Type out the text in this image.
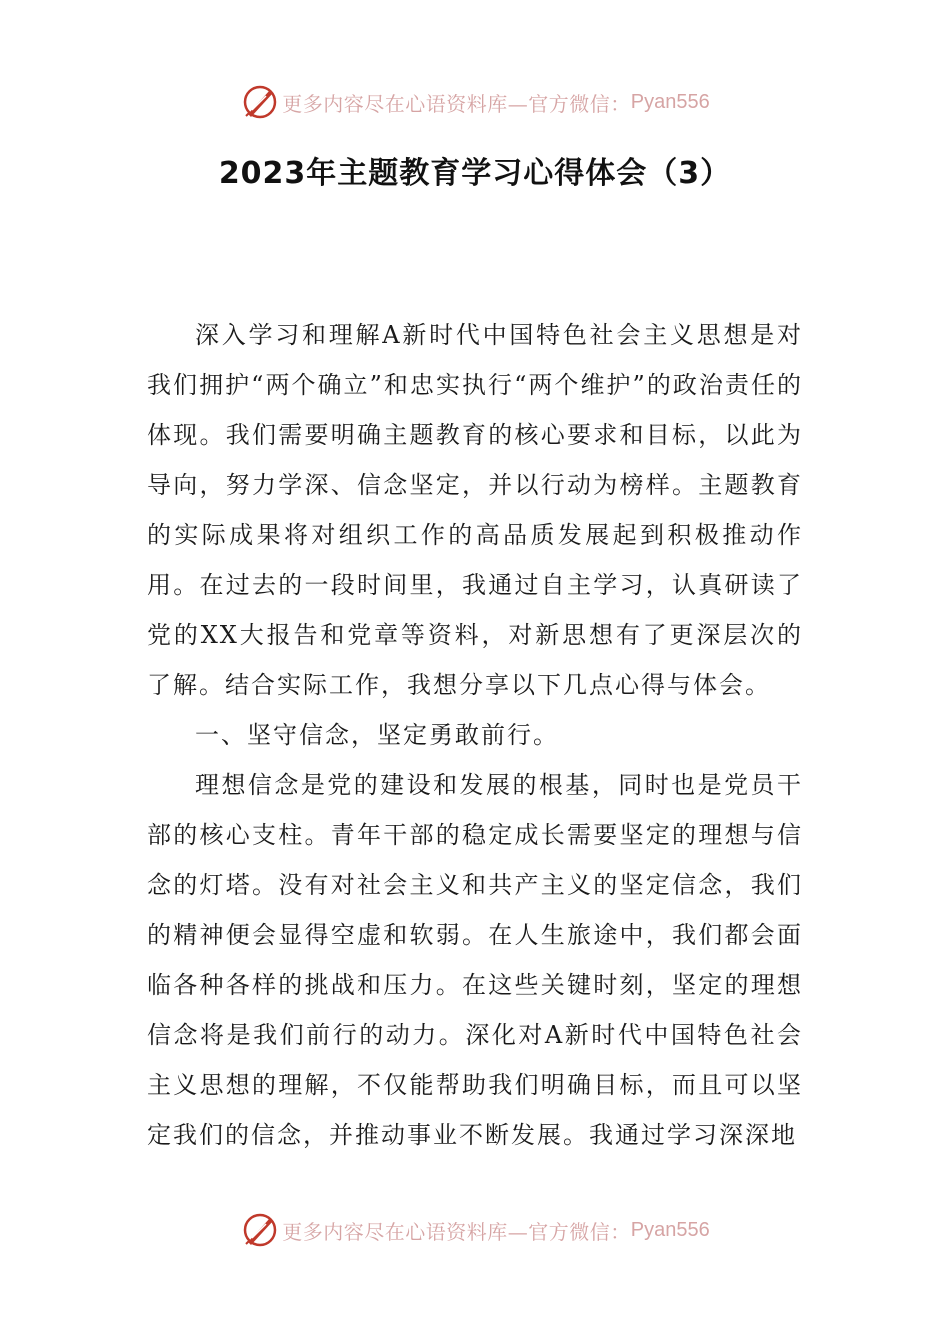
更多内容尽在心语资料库—官方微信： Pyan556
2023年主题教育学习心得体会（3）

深入学习和理解A新时代中国特色社会主义思想是对我们拥护“两个确立”和忠实执行“两个维护”的政治责任的体现。我们需要明确主题教育的核心要求和目标，以此为导向，努力学深、信念坚定，并以行动为榜样。主题教育的实际成果将对组织工作的高品质发展起到积极推动作用。在过去的一段时间里，我通过自主学习，认真研读了党的XX大报告和党章等资料，对新思想有了更深层次的了解。结合实际工作，我想分享以下几点心得与体会。

一、坚守信念，坚定勇敢前行。

理想信念是党的建设和发展的根基，同时也是党员干部的核心支柱。青年干部的稳定成长需要坚定的理想与信念的灯塔。没有对社会主义和共产主义的坚定信念，我们的精神便会显得空虚和软弱。在人生旅途中，我们都会面临各种各样的挑战和压力。在这些关键时刻，坚定的理想信念将是我们前行的动力。深化对A新时代中国特色社会主义思想的理解，不仅能帮助我们明确目标，而且可以坚定我们的信念，并推动事业不断发展。我通过学习深深地

更多内容尽在心语资料库—官方微信： Pyan556
